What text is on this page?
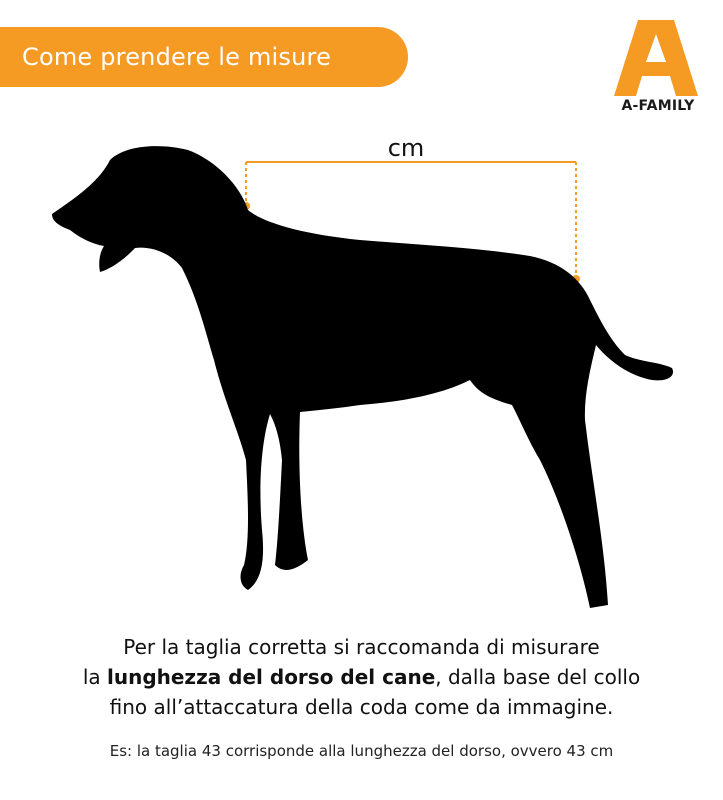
Come prendere le misure
A-FAMILY
cm
Per la taglia corretta si raccomanda di misurare
la lunghezza del dorso del cane, dalla base del collo
fino all’attaccatura della coda come da immagine.
Es: la taglia 43 corrisponde alla lunghezza del dorso, ovvero 43 cm
